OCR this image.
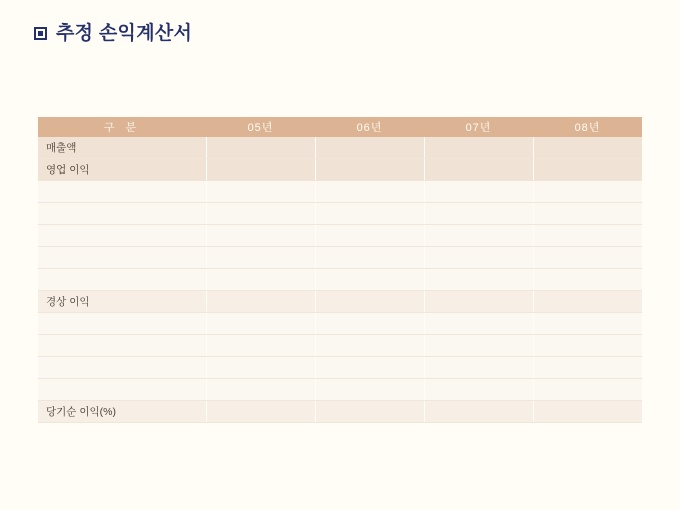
추정 손익계산서
구 분	05년	06년	07년	08년
매출액				
영업 이익				

경상 이익				

당기순 이익(%)				
